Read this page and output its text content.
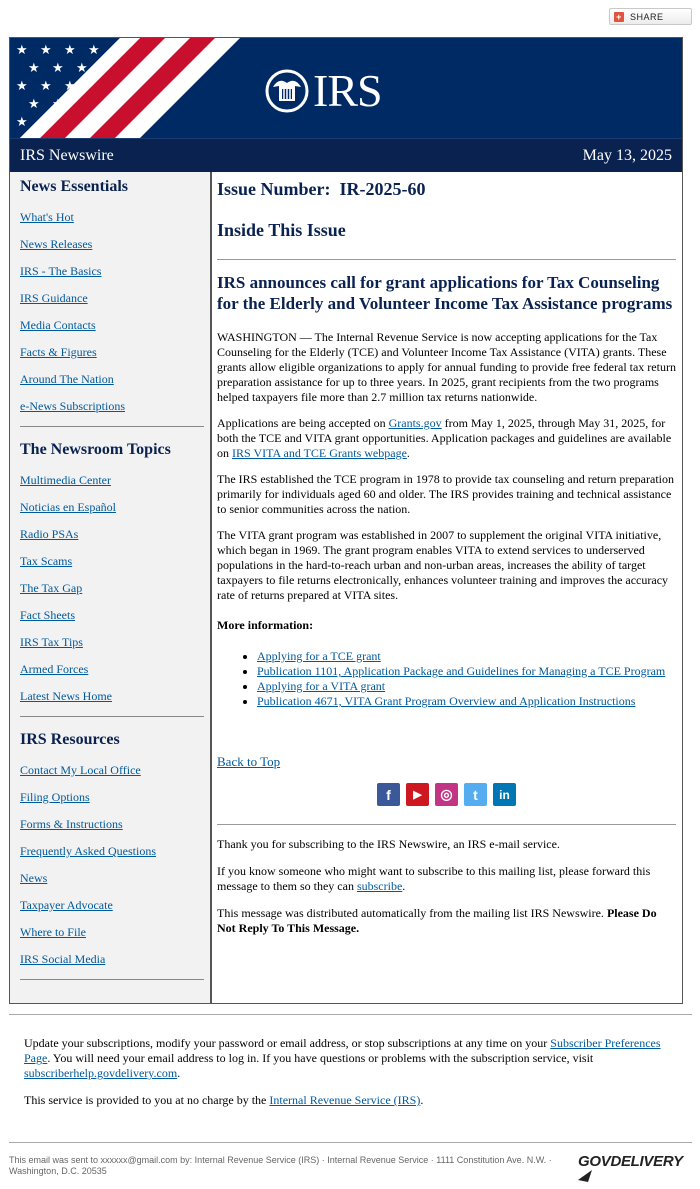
+ SHARE
★ ★ ★ ★
★ ★ ★
★ ★ ★
★ ★
★ ★
IRS
IRS Newswire	May 13, 2025
News Essentials
What's Hot
News Releases
IRS - The Basics
IRS Guidance
Media Contacts
Facts & Figures
Around The Nation
e-News Subscriptions
The Newsroom Topics
Multimedia Center
Noticias en Español
Radio PSAs
Tax Scams
The Tax Gap
Fact Sheets
IRS Tax Tips
Armed Forces
Latest News Home
IRS Resources
Contact My Local Office
Filing Options
Forms & Instructions
Frequently Asked Questions
News
Taxpayer Advocate
Where to File
IRS Social Media
Issue Number: IR-2025-60
Inside This Issue
IRS announces call for grant applications for Tax Counseling for the Elderly and Volunteer Income Tax Assistance programs

WASHINGTON — The Internal Revenue Service is now accepting applications for the Tax Counseling for the Elderly (TCE) and Volunteer Income Tax Assistance (VITA) grants. These grants allow eligible organizations to apply for annual funding to provide free federal tax return preparation assistance for up to three years. In 2025, grant recipients from the two programs helped taxpayers file more than 2.7 million tax returns nationwide.

Applications are being accepted on Grants.gov from May 1, 2025, through May 31, 2025, for both the TCE and VITA grant opportunities. Application packages and guidelines are available on IRS VITA and TCE Grants webpage.

The IRS established the TCE program in 1978 to provide tax counseling and return preparation primarily for individuals aged 60 and older. The IRS provides training and technical assistance to senior communities across the nation.

The VITA grant program was established in 2007 to supplement the original VITA initiative, which began in 1969. The grant program enables VITA to extend services to underserved populations in the hard-to-reach urban and non-urban areas, increases the ability of target taxpayers to file returns electronically, enhances volunteer training and improves the accuracy rate of returns prepared at VITA sites.

More information:

• Applying for a TCE grant
• Publication 1101, Application Package and Guidelines for Managing a TCE Program
• Applying for a VITA grant
• Publication 4671, VITA Grant Program Overview and Application Instructions
Back to Top
f	▶	◎	t	in

Thank you for subscribing to the IRS Newswire, an IRS e-mail service.

If you know someone who might want to subscribe to this mailing list, please forward this message to them so they can subscribe.

This message was distributed automatically from the mailing list IRS Newswire. Please Do Not Reply To This Message.

Update your subscriptions, modify your password or email address, or stop subscriptions at any time on your Subscriber Preferences Page. You will need your email address to log in. If you have questions or problems with the subscription service, visit subscriberhelp.govdelivery.com.

This service is provided to you at no charge by the Internal Revenue Service (IRS).

This email was sent to xxxxxx@gmail.com by: Internal Revenue Service (IRS) · Internal Revenue Service · 1111 Constitution Ave. N.W. · Washington, D.C. 20535
GOVDELIVERY
